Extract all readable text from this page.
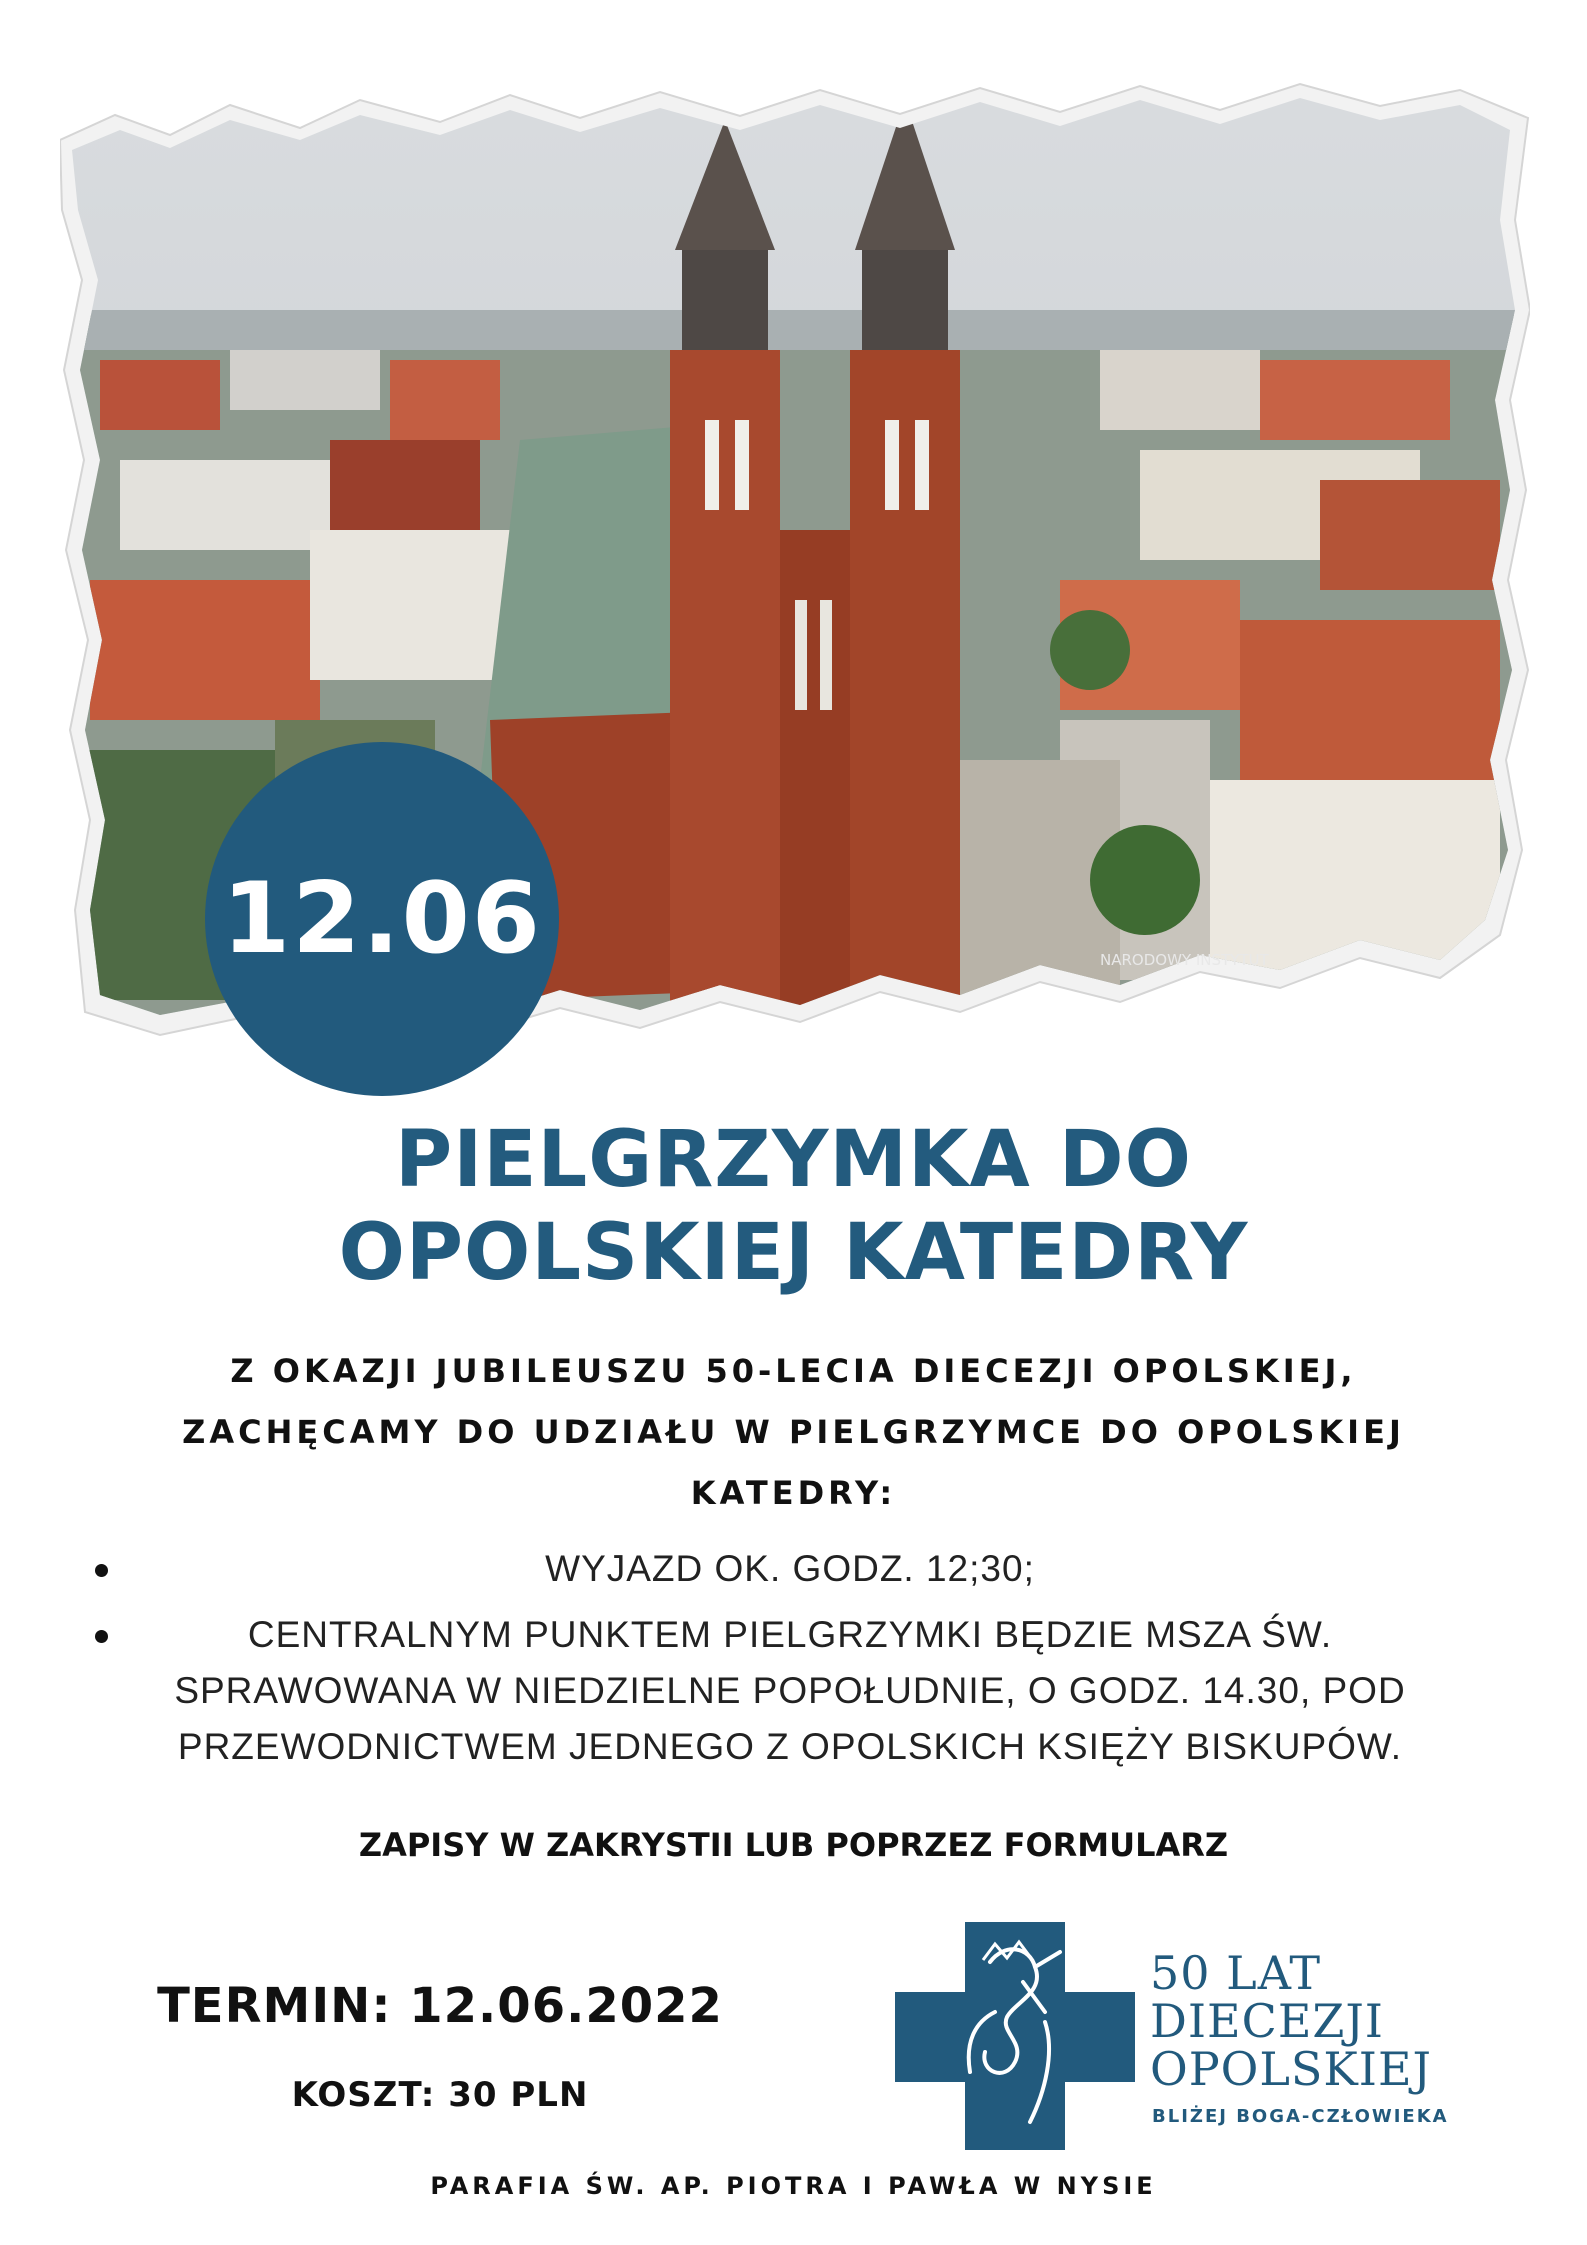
NARODOWY INSTYTUT
12.06
PIELGRZYMKA DO
OPOLSKIEJ KATEDRY
Z OKAZJI JUBILEUSZU 50-LECIA DIECEZJI OPOLSKIEJ,
ZACHĘCAMY DO UDZIAŁU W PIELGRZYMCE DO OPOLSKIEJ
KATEDRY:
WYJAZD OK. GODZ. 12;30;
CENTRALNYM PUNKTEM PIELGRZYMKI BĘDZIE MSZA ŚW.
SPRAWOWANA W NIEDZIELNE POPOŁUDNIE, O GODZ. 14.30, POD
PRZEWODNICTWEM JEDNEGO Z OPOLSKICH KSIĘŻY BISKUPÓW.
ZAPISY W ZAKRYSTII LUB POPRZEZ FORMULARZ
TERMIN: 12.06.2022
KOSZT: 30 PLN
50 LAT
DIECEZJI
OPOLSKIEJ
BLIŻEJ BOGA-CZŁOWIEKA
PARAFIA ŚW. AP. PIOTRA I PAWŁA W NYSIE
